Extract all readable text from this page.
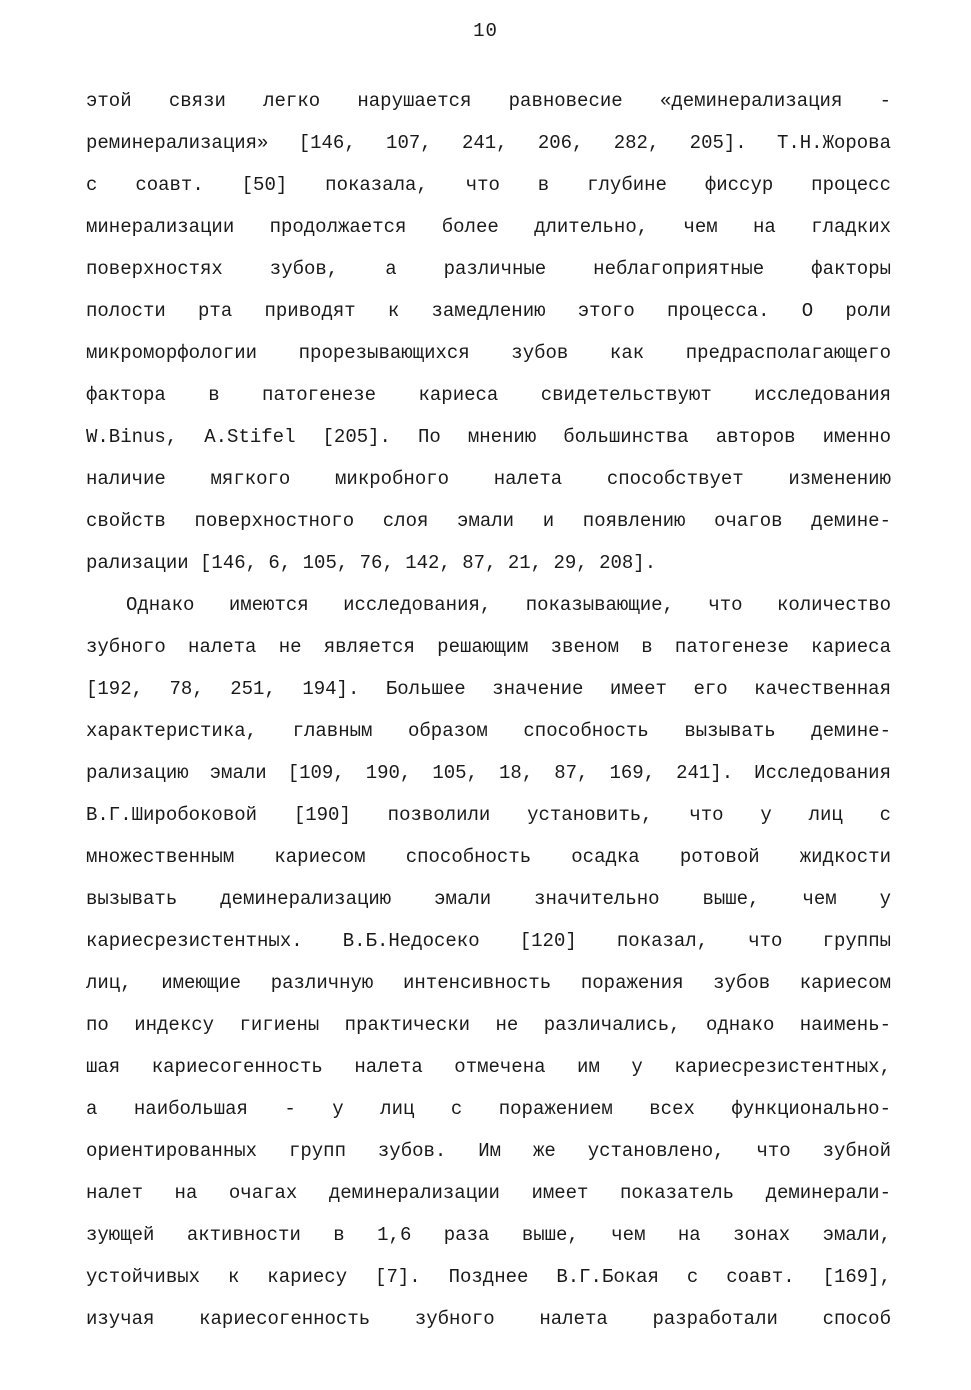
10
этой связи легко нарушается равновесие «деминерализация -
реминерализация» [146, 107, 241, 206, 282, 205]. Т.Н.Жорова
с соавт. [50] показала, что в глубине фиссур процесс
минерализации продолжается более длительно, чем на гладких
поверхностях зубов, а различные неблагоприятные факторы
полости рта приводят к замедлению этого процесса. О роли
микроморфологии прорезывающихся зубов как предрасполагающего
фактора в патогенезе кариеса свидетельствуют исследования
W.Binus, A.Stifel [205]. По мнению большинства авторов именно
наличие мягкого микробного налета способствует изменению
свойств поверхностного слоя эмали и появлению очагов демине-
рализации [146, 6, 105, 76, 142, 87, 21, 29, 208].
Однако имеются исследования, показывающие, что количество
зубного налета не является решающим звеном в патогенезе кариеса
[192, 78, 251, 194]. Большее значение имеет его качественная
характеристика, главным образом способность вызывать демине-
рализацию эмали [109, 190, 105, 18, 87, 169, 241]. Исследования
В.Г.Широбоковой [190] позволили установить, что у лиц с
множественным кариесом способность осадка ротовой жидкости
вызывать деминерализацию эмали значительно выше, чем у
кариесрезистентных. В.Б.Недосеко [120] показал, что группы
лиц, имеющие различную интенсивность поражения зубов кариесом
по индексу гигиены практически не различались, однако наимень-
шая кариесогенность налета отмечена им у кариесрезистентных,
а наибольшая - у лиц с поражением всех функционально-
ориентированных групп зубов. Им же установлено, что зубной
налет на очагах деминерализации имеет показатель деминерали-
зующей активности в 1,6 раза выше, чем на зонах эмали,
устойчивых к кариесу [7]. Позднее В.Г.Бокая с соавт. [169],
изучая кариесогенность зубного налета разработали способ
